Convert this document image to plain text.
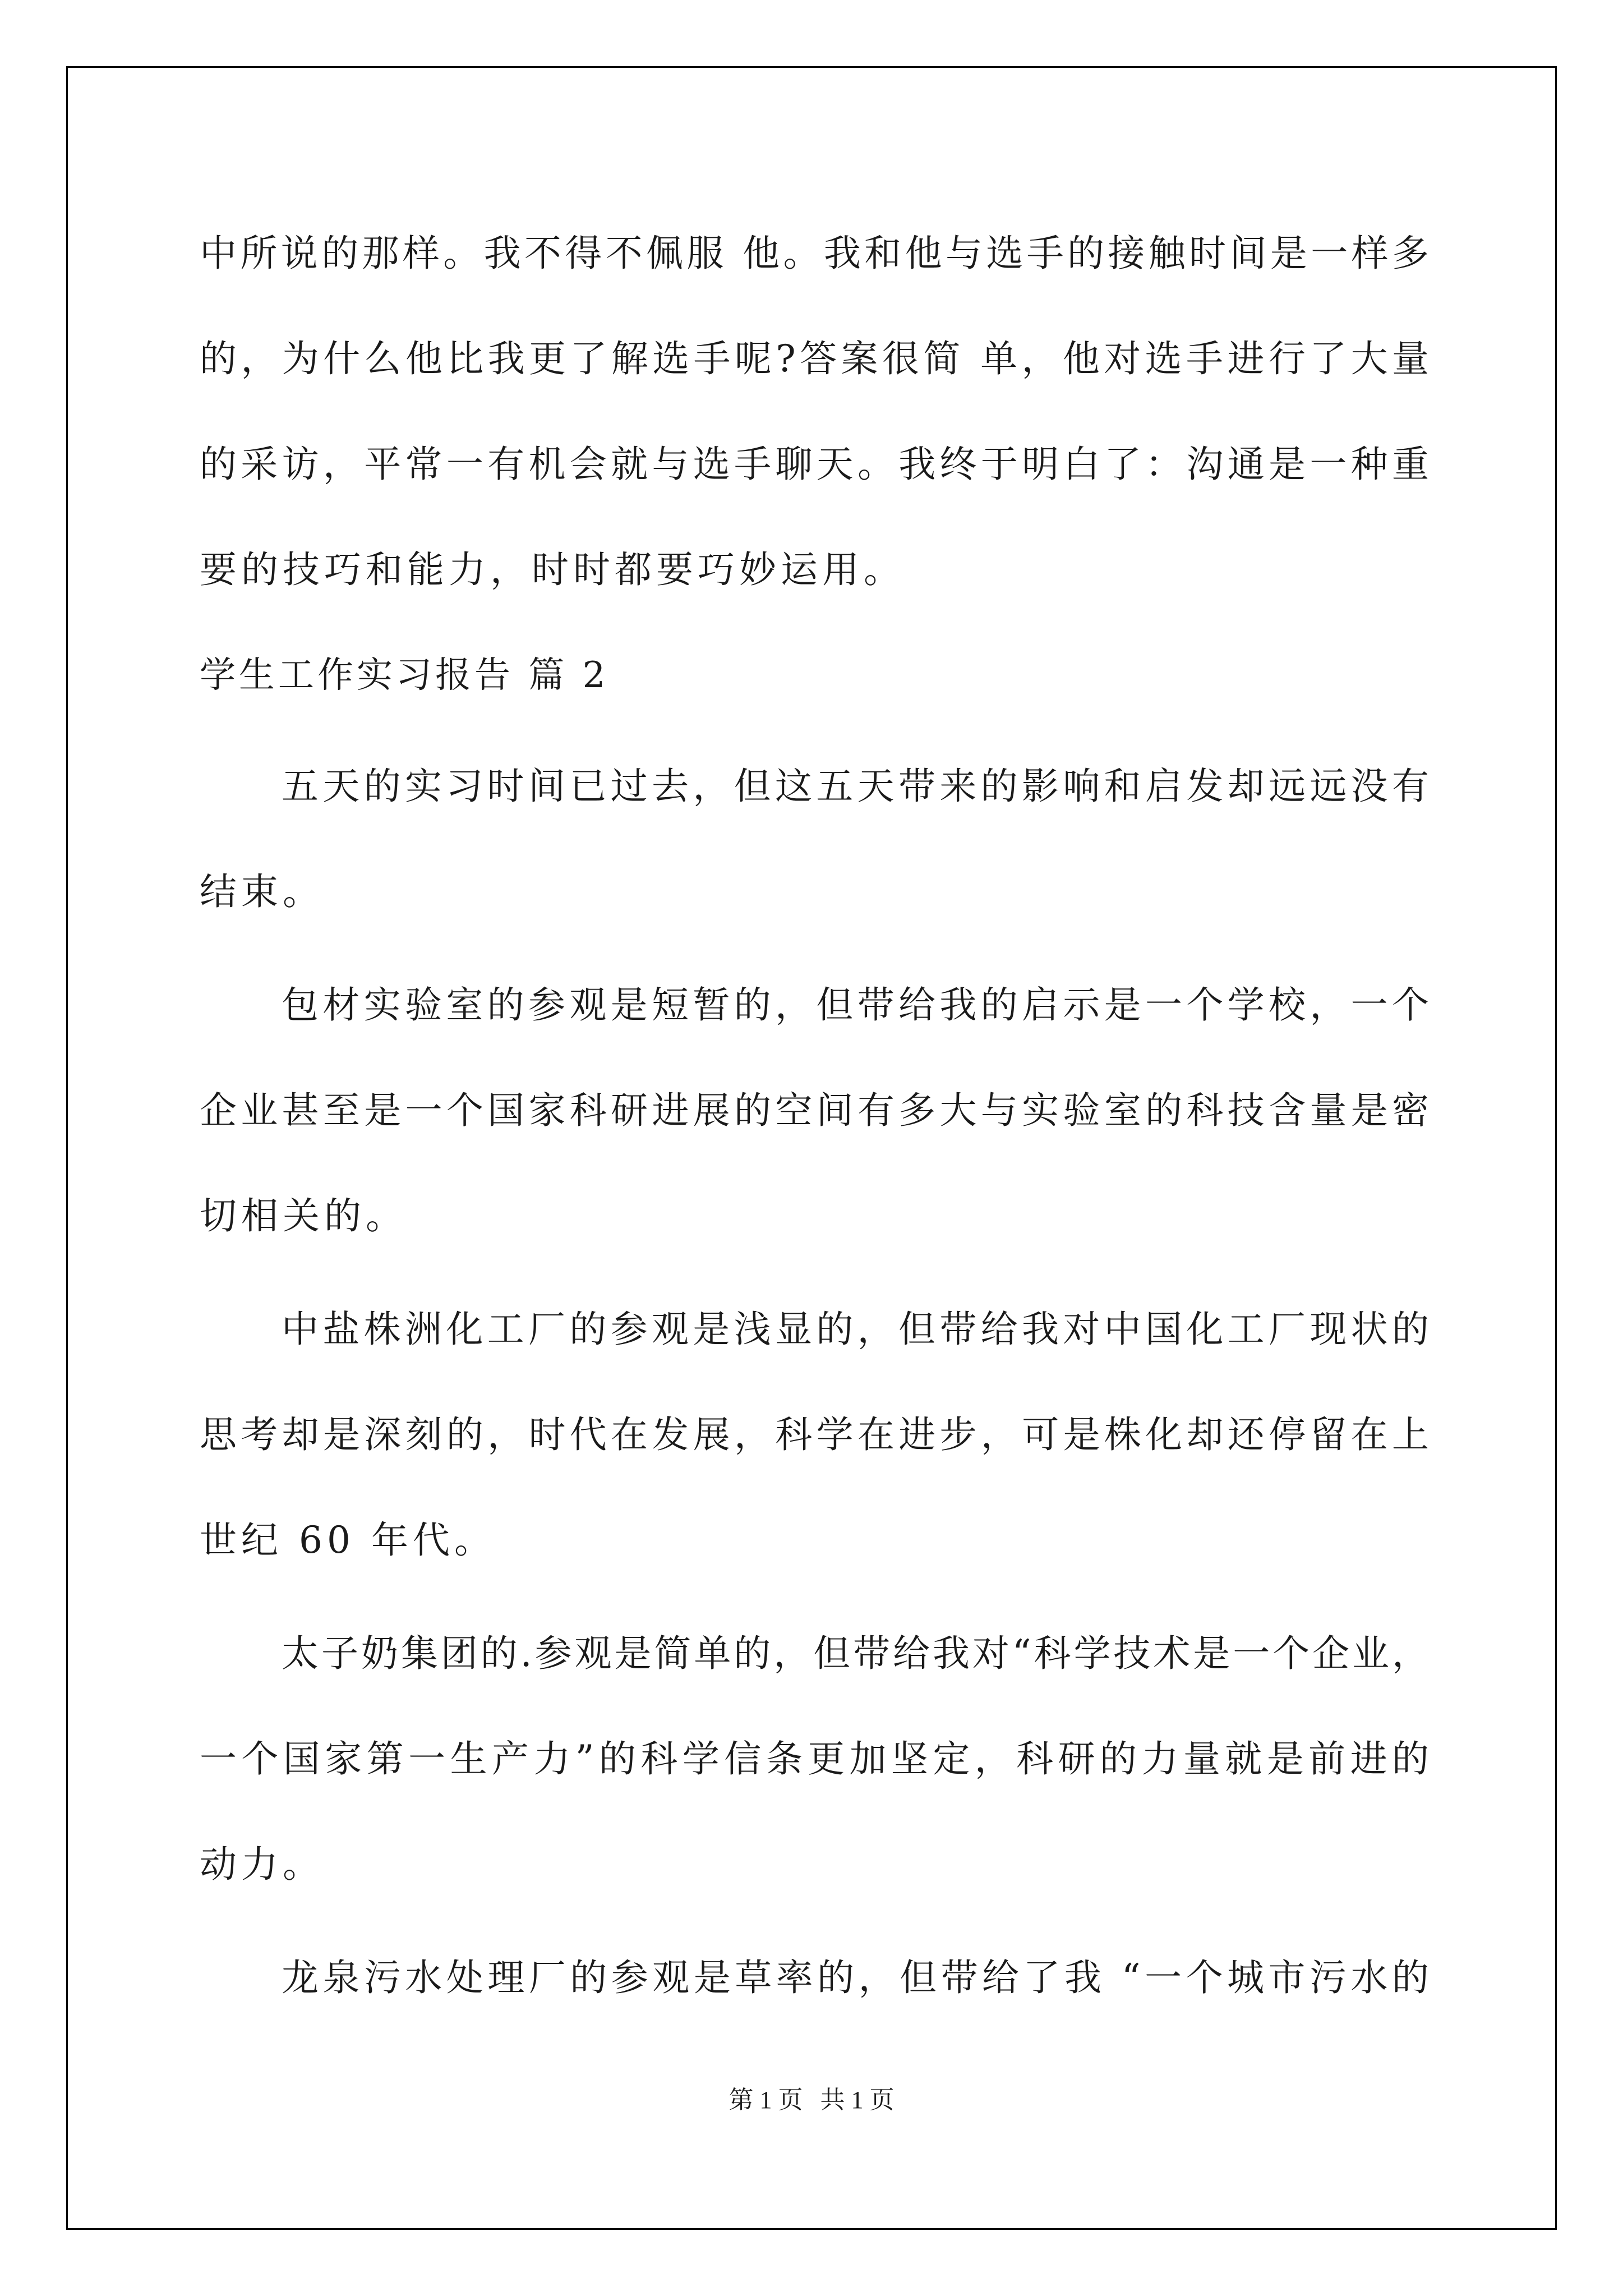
中所说的那样。我不得不佩服 他。我和他与选手的接触时间是一样多
的，为什么他比我更了解选手呢?答案很简 单，他对选手进行了大量
的采访，平常一有机会就与选手聊天。我终于明白了：沟通是一种重
要的技巧和能力，时时都要巧妙运用。
学生工作实习报告 篇 2
五天的实习时间已过去，但这五天带来的影响和启发却远远没有
结束。
包材实验室的参观是短暂的，但带给我的启示是一个学校，一个
企业甚至是一个国家科研进展的空间有多大与实验室的科技含量是密
切相关的。
中盐株洲化工厂的参观是浅显的，但带给我对中国化工厂现状的
思考却是深刻的，时代在发展，科学在进步，可是株化却还停留在上
世纪 60 年代。
太子奶集团的.参观是简单的，但带给我对“科学技术是一个企业，
一个国家第一生产力”的科学信条更加坚定，科研的力量就是前进的
动力。
龙泉污水处理厂的参观是草率的，但带给了我 “一个城市污水的
第 1 页 共 1 页
